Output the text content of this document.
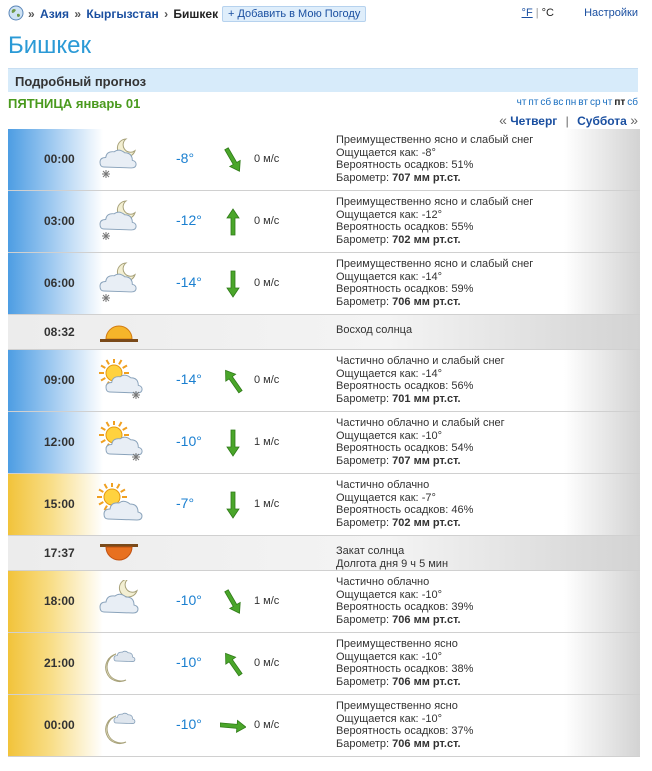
» Азия » Кыргызстан › Бишкек + Добавить в Мою Погоду	°F | °C	Настройки
Бишкек
Подробный прогноз
ПЯТНИЦА январь 01	чт пт сб вс пн вт ср чт пт сб
« Четверг | Суббота »
00:00	-8°	0 м/с
Преимущественно ясно и слабый снег
Ощущается как: -8°
Вероятность осадков: 51%
Барометр: 707 мм рт.ст.
03:00	-12°	0 м/с
Преимущественно ясно и слабый снег
Ощущается как: -12°
Вероятность осадков: 55%
Барометр: 702 мм рт.ст.
06:00	-14°	0 м/с
Преимущественно ясно и слабый снег
Ощущается как: -14°
Вероятность осадков: 59%
Барометр: 706 мм рт.ст.
08:32	Восход солнца
09:00	-14°	0 м/с
Частично облачно и слабый снег
Ощущается как: -14°
Вероятность осадков: 56%
Барометр: 701 мм рт.ст.
12:00	-10°	1 м/с
Частично облачно и слабый снег
Ощущается как: -10°
Вероятность осадков: 54%
Барометр: 707 мм рт.ст.
15:00	-7°	1 м/с
Частично облачно
Ощущается как: -7°
Вероятность осадков: 46%
Барометр: 702 мм рт.ст.
17:37	Закат солнца
Долгота дня 9 ч 5 мин
18:00	-10°	1 м/с
Частично облачно
Ощущается как: -10°
Вероятность осадков: 39%
Барометр: 706 мм рт.ст.
21:00	-10°	0 м/с
Преимущественно ясно
Ощущается как: -10°
Вероятность осадков: 38%
Барометр: 706 мм рт.ст.
00:00	-10°	0 м/с
Преимущественно ясно
Ощущается как: -10°
Вероятность осадков: 37%
Барометр: 706 мм рт.ст.
